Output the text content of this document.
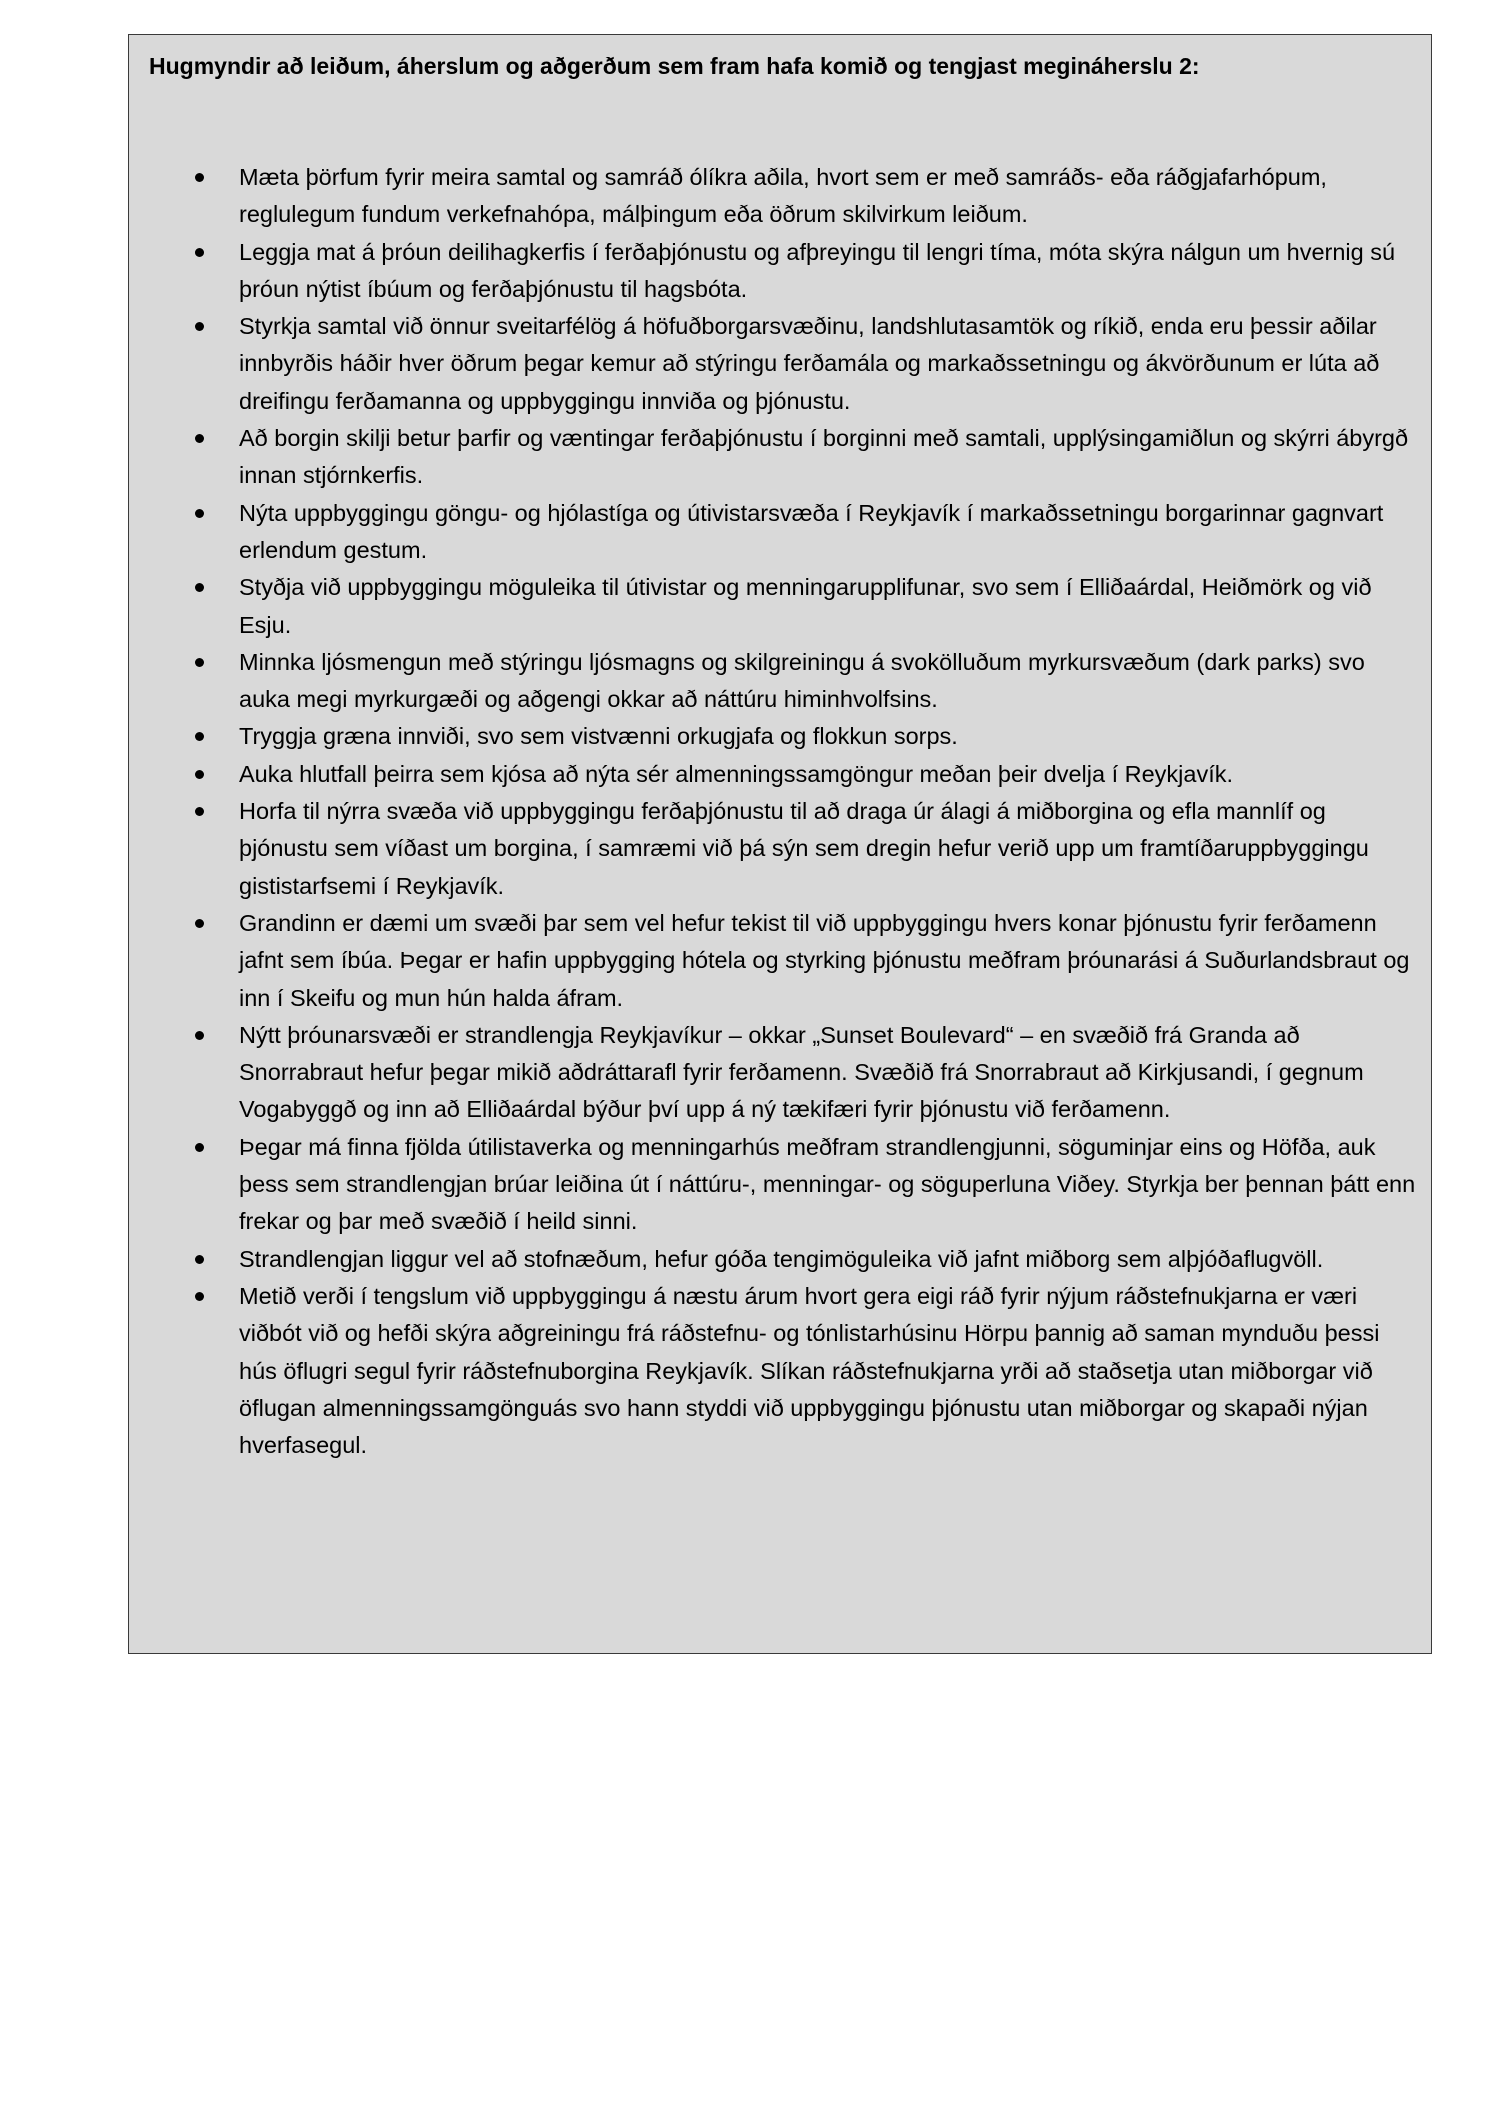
Hugmyndir að leiðum, áherslum og aðgerðum sem fram hafa komið og tengjast megináherslu 2:
Mæta þörfum fyrir meira samtal og samráð ólíkra aðila, hvort sem er með samráðs- eða ráðgjafarhópum, reglulegum fundum verkefnahópa, málþingum eða öðrum skilvirkum leiðum.
Leggja mat á þróun deilihagkerfis í ferðaþjónustu og afþreyingu til lengri tíma, móta skýra nálgun um hvernig sú þróun nýtist íbúum og ferðaþjónustu til hagsbóta.
Styrkja samtal við önnur sveitarfélög á höfuðborgarsvæðinu, landshlutasamtök og ríkið, enda eru þessir aðilar innbyrðis háðir hver öðrum þegar kemur að stýringu ferðamála og markaðssetningu og ákvörðunum er lúta að dreifingu ferðamanna og uppbyggingu innviða og þjónustu.
Að borgin skilji betur þarfir og væntingar ferðaþjónustu í borginni með samtali, upplýsingamiðlun og skýrri ábyrgð innan stjórnkerfis.
Nýta uppbyggingu göngu- og hjólastíga og útivistarsvæða í Reykjavík í markaðssetningu borgarinnar gagnvart erlendum gestum.
Styðja við uppbyggingu möguleika til útivistar og menningarupplifunar, svo sem í Elliðaárdal, Heiðmörk og við Esju.
Minnka ljósmengun með stýringu ljósmagns og skilgreiningu á svokölluðum myrkursvæðum (dark parks) svo auka megi myrkurgæði og aðgengi okkar að náttúru himinhvolfsins.
Tryggja græna innviði, svo sem vistvænni orkugjafa og flokkun sorps.
Auka hlutfall þeirra sem kjósa að nýta sér almenningssamgöngur meðan þeir dvelja í Reykjavík.
Horfa til nýrra svæða við uppbyggingu ferðaþjónustu til að draga úr álagi á miðborgina og efla mannlíf og þjónustu sem víðast um borgina, í samræmi við þá sýn sem dregin hefur verið upp um framtíðaruppbyggingu gististarfsemi í Reykjavík.
Grandinn er dæmi um svæði þar sem vel hefur tekist til við uppbyggingu hvers konar þjónustu fyrir ferðamenn jafnt sem íbúa. Þegar er hafin uppbygging hótela og styrking þjónustu meðfram þróunarási á Suðurlandsbraut og inn í Skeifu og mun hún halda áfram.
Nýtt þróunarsvæði er strandlengja Reykjavíkur – okkar „Sunset Boulevard“ – en svæðið frá Granda að Snorrabraut hefur þegar mikið aðdráttarafl fyrir ferðamenn. Svæðið frá Snorrabraut að Kirkjusandi, í gegnum Vogabyggð og inn að Elliðaárdal býður því upp á ný tækifæri fyrir þjónustu við ferðamenn.
Þegar má finna fjölda útilistaverka og menningarhús meðfram strandlengjunni, söguminjar eins og Höfða, auk þess sem strandlengjan brúar leiðina út í náttúru-, menningar- og söguperluna Viðey. Styrkja ber þennan þátt enn frekar og þar með svæðið í heild sinni.
Strandlengjan liggur vel að stofnæðum, hefur góða tengimöguleika við jafnt miðborg sem alþjóðaflugvöll.
Metið verði í tengslum við uppbyggingu á næstu árum hvort gera eigi ráð fyrir nýjum ráðstefnukjarna er væri viðbót við og hefði skýra aðgreiningu frá ráðstefnu- og tónlistarhúsinu Hörpu þannig að saman mynduðu þessi hús öflugri segul fyrir ráðstefnuborgina Reykjavík. Slíkan ráðstefnukjarna yrði að staðsetja utan miðborgar við öflugan almenningssamgönguás svo hann styddi við uppbyggingu þjónustu utan miðborgar og skapaði nýjan hverfasegul.
